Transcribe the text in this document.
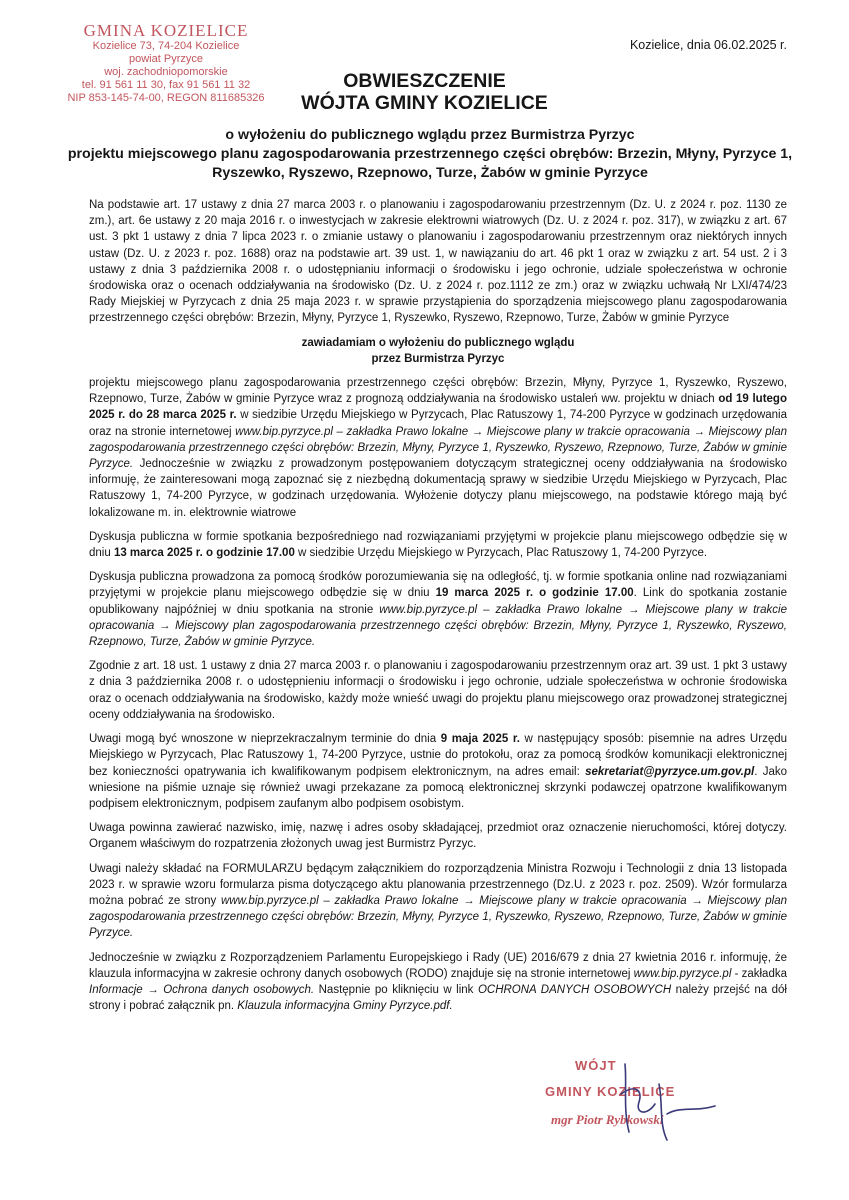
GMINA KOZIELICE
Kozielice 73, 74-204 Kozielice
powiat Pyrzyce
woj. zachodniopomorskie
tel. 91 561 11 30, fax 91 561 11 32
NIP 853-145-74-00, REGON 811685326
Kozielice, dnia 06.02.2025 r.
OBWIESZCZENIE
WÓJTA GMINY KOZIELICE
o wyłożeniu do publicznego wglądu przez Burmistrza Pyrzyc
projektu miejscowego planu zagospodarowania przestrzennego części obrębów: Brzezin, Młyny, Pyrzyce 1, Ryszewko, Ryszewo, Rzepnowo, Turze, Żabów w gminie Pyrzyce

Na podstawie art. 17 ustawy z dnia 27 marca 2003 r. o planowaniu i zagospodarowaniu przestrzennym (Dz. U. z 2024 r. poz. 1130 ze zm.), art. 6e ustawy z 20 maja 2016 r. o inwestycjach w zakresie elektrowni wiatrowych (Dz. U. z 2024 r. poz. 317), w związku z art. 67 ust. 3 pkt 1 ustawy z dnia 7 lipca 2023 r. o zmianie ustawy o planowaniu i zagospodarowaniu przestrzennym oraz niektórych innych ustaw (Dz. U. z 2023 r. poz. 1688) oraz na podstawie art. 39 ust. 1, w nawiązaniu do art. 46 pkt 1 oraz w związku z art. 54 ust. 2 i 3 ustawy z dnia 3 października 2008 r. o udostępnianiu informacji o środowisku i jego ochronie, udziale społeczeństwa w ochronie środowiska oraz o ocenach oddziaływania na środowisko (Dz. U. z 2024 r. poz.1112 ze zm.) oraz w związku uchwałą Nr LXI/474/23 Rady Miejskiej w Pyrzycach z dnia 25 maja 2023 r. w sprawie przystąpienia do sporządzenia miejscowego planu zagospodarowania przestrzennego części obrębów: Brzezin, Młyny, Pyrzyce 1, Ryszewko, Ryszewo, Rzepnowo, Turze, Żabów w gminie Pyrzyce

zawiadamiam o wyłożeniu do publicznego wglądu
przez Burmistrza Pyrzyc

projektu miejscowego planu zagospodarowania przestrzennego części obrębów: Brzezin, Młyny, Pyrzyce 1, Ryszewko, Ryszewo, Rzepnowo, Turze, Żabów w gminie Pyrzyce wraz z prognozą oddziaływania na środowisko ustaleń ww. projektu w dniach od 19 lutego 2025 r. do 28 marca 2025 r. w siedzibie Urzędu Miejskiego w Pyrzycach, Plac Ratuszowy 1, 74-200 Pyrzyce w godzinach urzędowania oraz na stronie internetowej www.bip.pyrzyce.pl – zakładka Prawo lokalne → Miejscowe plany w trakcie opracowania → Miejscowy plan zagospodarowania przestrzennego części obrębów: Brzezin, Młyny, Pyrzyce 1, Ryszewko, Ryszewo, Rzepnowo, Turze, Żabów w gminie Pyrzyce. Jednocześnie w związku z prowadzonym postępowaniem dotyczącym strategicznej oceny oddziaływania na środowisko informuję, że zainteresowani mogą zapoznać się z niezbędną dokumentacją sprawy w siedzibie Urzędu Miejskiego w Pyrzycach, Plac Ratuszowy 1, 74-200 Pyrzyce, w godzinach urzędowania. Wyłożenie dotyczy planu miejscowego, na podstawie którego mają być lokalizowane m. in. elektrownie wiatrowe

Dyskusja publiczna w formie spotkania bezpośredniego nad rozwiązaniami przyjętymi w projekcie planu miejscowego odbędzie się w dniu 13 marca 2025 r. o godzinie 17.00 w siedzibie Urzędu Miejskiego w Pyrzycach, Plac Ratuszowy 1, 74-200 Pyrzyce.

Dyskusja publiczna prowadzona za pomocą środków porozumiewania się na odległość, tj. w formie spotkania online nad rozwiązaniami przyjętymi w projekcie planu miejscowego odbędzie się w dniu 19 marca 2025 r. o godzinie 17.00. Link do spotkania zostanie opublikowany najpóźniej w dniu spotkania na stronie www.bip.pyrzyce.pl – zakładka Prawo lokalne → Miejscowe plany w trakcie opracowania → Miejscowy plan zagospodarowania przestrzennego części obrębów: Brzezin, Młyny, Pyrzyce 1, Ryszewko, Ryszewo, Rzepnowo, Turze, Żabów w gminie Pyrzyce.

Zgodnie z art. 18 ust. 1 ustawy z dnia 27 marca 2003 r. o planowaniu i zagospodarowaniu przestrzennym oraz art. 39 ust. 1 pkt 3 ustawy z dnia 3 października 2008 r. o udostępnieniu informacji o środowisku i jego ochronie, udziale społeczeństwa w ochronie środowiska oraz o ocenach oddziaływania na środowisko, każdy może wnieść uwagi do projektu planu miejscowego oraz prowadzonej strategicznej oceny oddziaływania na środowisko.

Uwagi mogą być wnoszone w nieprzekraczalnym terminie do dnia 9 maja 2025 r. w następujący sposób: pisemnie na adres Urzędu Miejskiego w Pyrzycach, Plac Ratuszowy 1, 74-200 Pyrzyce, ustnie do protokołu, oraz za pomocą środków komunikacji elektronicznej bez konieczności opatrywania ich kwalifikowanym podpisem elektronicznym, na adres email: sekretariat@pyrzyce.um.gov.pl. Jako wniesione na piśmie uznaje się również uwagi przekazane za pomocą elektronicznej skrzynki podawczej opatrzone kwalifikowanym podpisem elektronicznym, podpisem zaufanym albo podpisem osobistym.

Uwaga powinna zawierać nazwisko, imię, nazwę i adres osoby składającej, przedmiot oraz oznaczenie nieruchomości, której dotyczy. Organem właściwym do rozpatrzenia złożonych uwag jest Burmistrz Pyrzyc.

Uwagi należy składać na FORMULARZU będącym załącznikiem do rozporządzenia Ministra Rozwoju i Technologii z dnia 13 listopada 2023 r. w sprawie wzoru formularza pisma dotyczącego aktu planowania przestrzennego (Dz.U. z 2023 r. poz. 2509). Wzór formularza można pobrać ze strony www.bip.pyrzyce.pl – zakładka Prawo lokalne → Miejscowe plany w trakcie opracowania → Miejscowy plan zagospodarowania przestrzennego części obrębów: Brzezin, Młyny, Pyrzyce 1, Ryszewko, Ryszewo, Rzepnowo, Turze, Żabów w gminie Pyrzyce.

Jednocześnie w związku z Rozporządzeniem Parlamentu Europejskiego i Rady (UE) 2016/679 z dnia 27 kwietnia 2016 r. informuję, że klauzula informacyjna w zakresie ochrony danych osobowych (RODO) znajduje się na stronie internetowej www.bip.pyrzyce.pl - zakładka Informacje → Ochrona danych osobowych. Następnie po kliknięciu w link OCHRONA DANYCH OSOBOWYCH należy przejść na dół strony i pobrać załącznik pn. Klauzula informacyjna Gminy Pyrzyce.pdf.

WÓJT
GMINY KOZIELICE
mgr Piotr Rybkowski
